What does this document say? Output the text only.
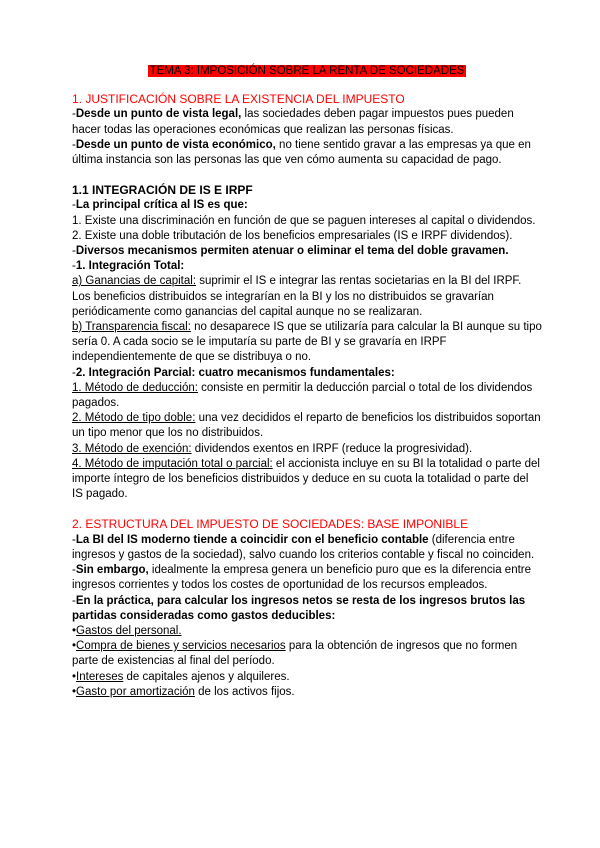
TEMA 3: IMPOSICIÓN SOBRE LA RENTA DE SOCIEDADES
1. JUSTIFICACIÓN SOBRE LA EXISTENCIA DEL IMPUESTO
-Desde un punto de vista legal, las sociedades deben pagar impuestos pues pueden hacer todas las operaciones económicas que realizan las personas físicas.
-Desde un punto de vista económico, no tiene sentido gravar a las empresas ya que en última instancia son las personas las que ven cómo aumenta su capacidad de pago.
1.1 INTEGRACIÓN DE IS E IRPF
-La principal crítica al IS es que:
1. Existe una discriminación en función de que se paguen intereses al capital o dividendos.
2. Existe una doble tributación de los beneficios empresariales (IS e IRPF dividendos).
-Diversos mecanismos permiten atenuar o eliminar el tema del doble gravamen.
-1. Integración Total:
a) Ganancias de capital: suprimir el IS e integrar las rentas societarias en la BI del IRPF. Los beneficios distribuidos se integrarían en la BI y los no distribuidos se gravarían periódicamente como ganancias del capital aunque no se realizaran.
b) Transparencia fiscal: no desaparece IS que se utilizaría para calcular la BI aunque su tipo sería 0. A cada socio se le imputaría su parte de BI y se gravaría en IRPF independientemente de que se distribuya o no.
-2. Integración Parcial: cuatro mecanismos fundamentales:
1. Método de deducción: consiste en permitir la deducción parcial o total de los dividendos pagados.
2. Método de tipo doble: una vez decididos el reparto de beneficios los distribuidos soportan un tipo menor que los no distribuidos.
3. Método de exención: dividendos exentos en IRPF (reduce la progresividad).
4. Método de imputación total o parcial: el accionista incluye en su BI la totalidad o parte del importe íntegro de los beneficios distribuidos y deduce en su cuota la totalidad o parte del IS pagado.
2. ESTRUCTURA DEL IMPUESTO DE SOCIEDADES: BASE IMPONIBLE
-La BI del IS moderno tiende a coincidir con el beneficio contable (diferencia entre ingresos y gastos de la sociedad), salvo cuando los criterios contable y fiscal no coinciden.
-Sin embargo, idealmente la empresa genera un beneficio puro que es la diferencia entre ingresos corrientes y todos los costes de oportunidad de los recursos empleados.
-En la práctica, para calcular los ingresos netos se resta de los ingresos brutos las partidas consideradas como gastos deducibles:
•Gastos del personal.
•Compra de bienes y servicios necesarios para la obtención de ingresos que no formen parte de existencias al final del período.
•Intereses de capitales ajenos y alquileres.
•Gasto por amortización de los activos fijos.
